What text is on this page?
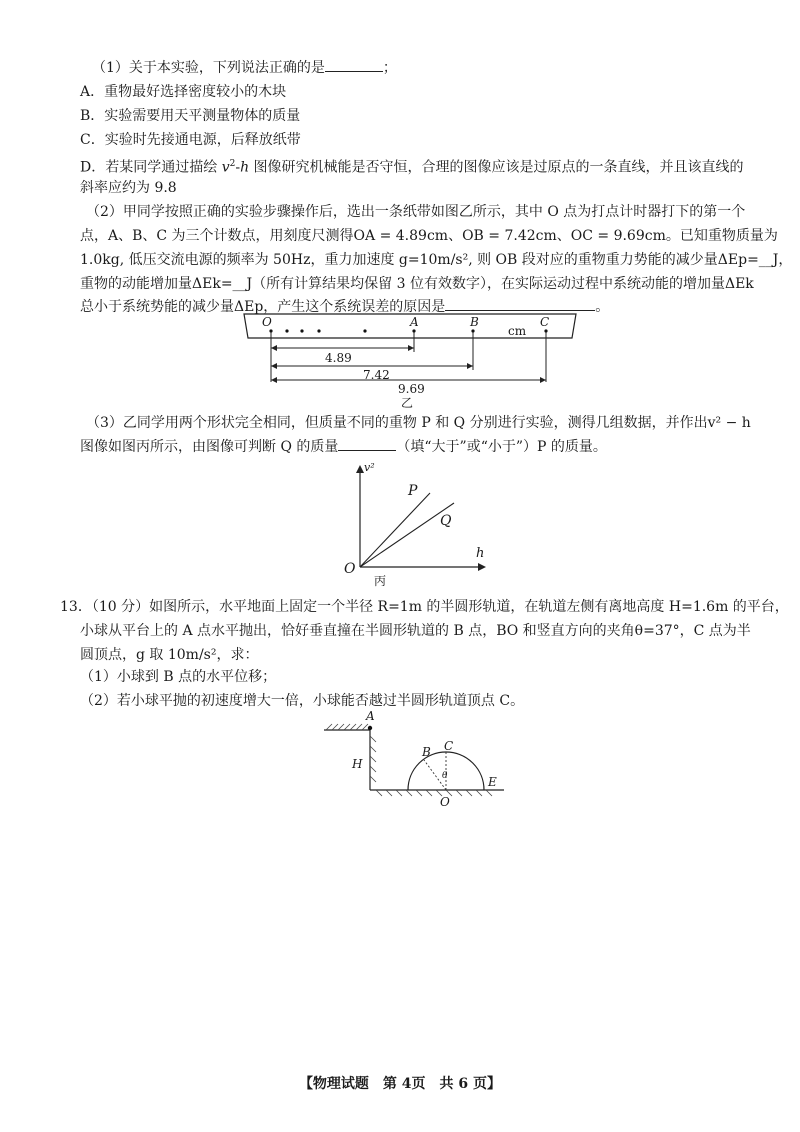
（1）关于本实验，下列说法正确的是	；
A．重物最好选择密度较小的木块
B．实验需要用天平测量物体的质量
C．实验时先接通电源，后释放纸带
D．若某同学通过描绘 $v^2-h$ 图像研究机械能是否守恒，合理的图像应该是过原点的一条直线，并且该直线的
斜率应约为 9.8
（2）甲同学按照正确的实验步骤操作后，选出一条纸带如图乙所示，其中 O 点为打点计时器打下的第一个
点，A、B、C 为三个计数点，用刻度尺测得OA = 4.89cm、OB = 7.42cm、OC = 9.69cm。已知重物质量为
1.0kg, 低压交流电源的频率为 50Hz，重力加速度 g=10m/s², 则 OB 段对应的重物重力势能的减少量ΔEp=__J，
重物的动能增加量ΔEk=__J（所有计算结果均保留 3 位有效数字），在实际运动过程中系统动能的增加量ΔEk
总小于系统势能的减少量ΔEp，产生这个系统误差的原因是	。
O	A	B
cm
C
4.89
7.42
9.69
乙
（3）乙同学用两个形状完全相同，但质量不同的重物 P 和 Q 分别进行实验，测得几组数据，并作出v² − h
图像如图丙所示，由图像可判断 Q 的质量	（填“大于”或“小于”）P 的质量。
v²
h
O
P
Q
丙
13．（10 分）如图所示，水平地面上固定一个半径 R=1m 的半圆形轨道，在轨道左侧有离地高度 H=1.6m 的平台，
小球从平台上的 A 点水平抛出，恰好垂直撞在半圆形轨道的 B 点，BO 和竖直方向的夹角θ=37°，C 点为半
圆顶点，g 取 10m/s²，求：
（1）小球到 B 点的水平位移；
（2）若小球平抛的初速度增大一倍，小球能否越过半圆形轨道顶点 C。
A
H
B C
θ
O
E
【物理试题　第 4页　共 6 页】
